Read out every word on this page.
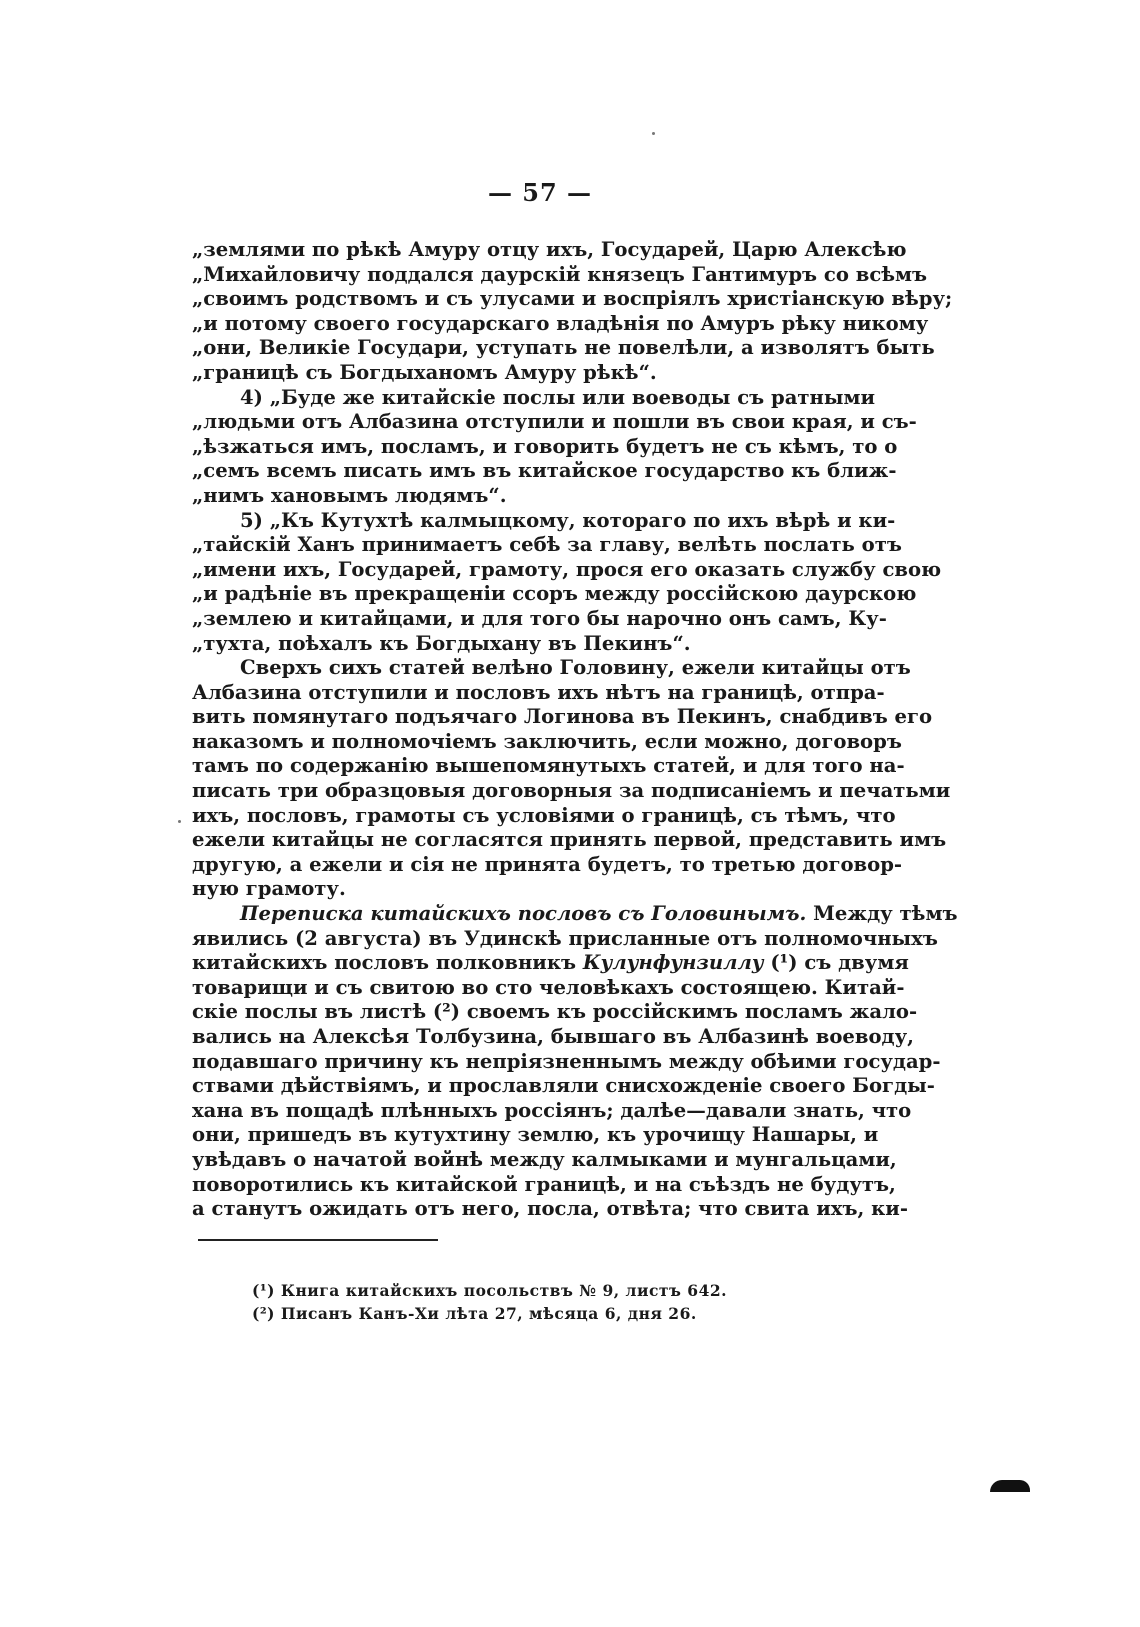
— 57 —
„землями по рѣкѣ Амуру отцу ихъ, Государей, Царю Алексѣю
„Михайловичу поддался даурскій князецъ Гантимуръ со всѣмъ
„своимъ родствомъ и съ улусами и воспріялъ христіанскую вѣру;
„и потому своего государскаго владѣнія по Амуръ рѣку никому
„они, Великіе Государи, уступать не повелѣли, а изволятъ быть
„границѣ съ Богдыханомъ Амуру рѣкѣ“.
4) „Буде же китайскіе послы или воеводы съ ратными
„людьми отъ Албазина отступили и пошли въ свои края, и съ-
„ѣзжаться имъ, посламъ, и говорить будетъ не съ кѣмъ, то о
„семъ всемъ писать имъ въ китайское государство къ ближ-
„нимъ хановымъ людямъ“.
5) „Къ Кутухтѣ калмыцкому, котораго по ихъ вѣрѣ и ки-
„тайскій Ханъ принимаетъ себѣ за главу, велѣть послать отъ
„имени ихъ, Государей, грамоту, прося его оказать службу свою
„и радѣніе въ прекращеніи ссоръ между россійскою даурскою
„землею и китайцами, и для того бы нарочно онъ самъ, Ку-
„тухта, поѣхалъ къ Богдыхану въ Пекинъ“.
Сверхъ сихъ статей велѣно Головину, ежели китайцы отъ
Албазина отступили и пословъ ихъ нѣтъ на границѣ, отпра-
вить помянутаго подъячаго Логинова въ Пекинъ, снабдивъ его
наказомъ и полномочіемъ заключить, если можно, договоръ
тамъ по содержанію вышепомянутыхъ статей, и для того на-
писать три образцовыя договорныя за подписаніемъ и печатьми
ихъ, пословъ, грамоты съ условіями о границѣ, съ тѣмъ, что
ежели китайцы не согласятся принять первой, представить имъ
другую, а ежели и сія не принята будетъ, то третью договор-
ную грамоту.
Переписка китайскихъ пословъ съ Головинымъ. Между тѣмъ
явились (2 августа) въ Удинскѣ присланные отъ полномочныхъ
китайскихъ пословъ полковникъ Кулунфунзиллу (¹) съ двумя
товарищи и съ свитою во сто человѣкахъ состоящею. Китай-
скіе послы въ листѣ (²) своемъ къ россійскимъ посламъ жало-
вались на Алексѣя Толбузина, бывшаго въ Албазинѣ воеводу,
подавшаго причину къ непріязненнымъ между обѣими государ-
ствами дѣйствіямъ, и прославляли снисхожденіе своего Богды-
хана въ пощадѣ плѣнныхъ россіянъ; далѣе—давали знать, что
они, пришедъ въ кутухтину землю, къ урочищу Нашары, и
увѣдавъ о начатой войнѣ между калмыками и мунгальцами,
поворотились къ китайской границѣ, и на съѣздъ не будутъ,
а станутъ ожидать отъ него, посла, отвѣта; что свита ихъ, ки-
(¹) Книга китайскихъ посольствъ № 9, листъ 642.
(²) Писанъ Канъ-Хи лѣта 27, мѣсяца 6, дня 26.
